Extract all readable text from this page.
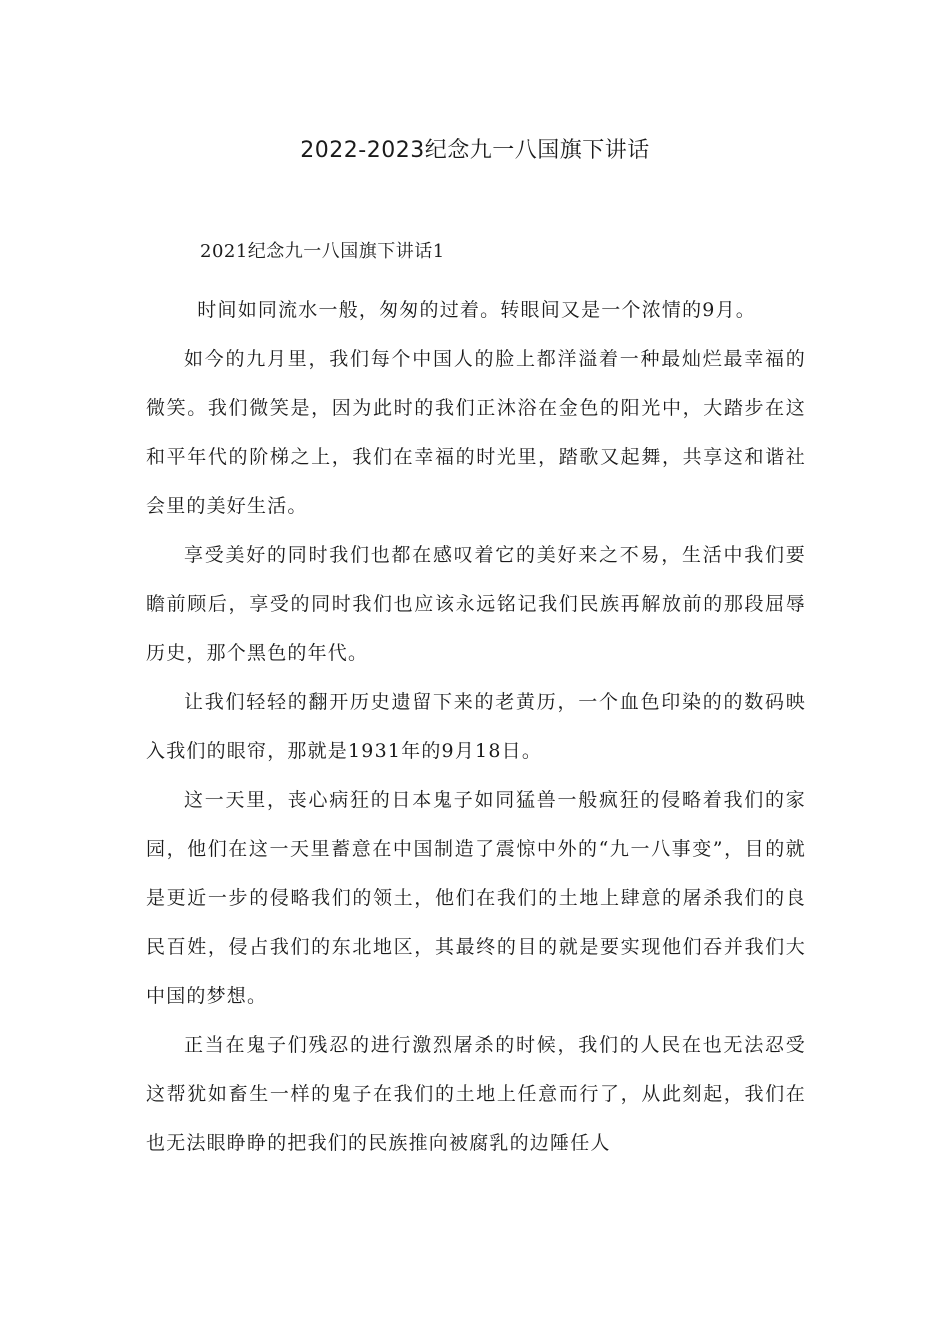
2022-2023纪念九一八国旗下讲话
2021纪念九一八国旗下讲话1

时间如同流水一般，匆匆的过着。转眼间又是一个浓情的9月。

如今的九月里，我们每个中国人的脸上都洋溢着一种最灿烂最幸福的微笑。我们微笑是，因为此时的我们正沐浴在金色的阳光中，大踏步在这和平年代的阶梯之上，我们在幸福的时光里，踏歌又起舞，共享这和谐社会里的美好生活。

享受美好的同时我们也都在感叹着它的美好来之不易，生活中我们要瞻前顾后，享受的同时我们也应该永远铭记我们民族再解放前的那段屈辱历史，那个黑色的年代。

让我们轻轻的翻开历史遗留下来的老黄历，一个血色印染的的数码映入我们的眼帘，那就是1931年的9月18日。

这一天里，丧心病狂的日本鬼子如同猛兽一般疯狂的侵略着我们的家园，他们在这一天里蓄意在中国制造了震惊中外的“九一八事变”，目的就是更近一步的侵略我们的领土，他们在我们的土地上肆意的屠杀我们的良民百姓，侵占我们的东北地区，其最终的目的就是要实现他们吞并我们大中国的梦想。

正当在鬼子们残忍的进行激烈屠杀的时候，我们的人民在也无法忍受这帮犹如畜生一样的鬼子在我们的土地上任意而行了，从此刻起，我们在也无法眼睁睁的把我们的民族推向被腐乳的边陲任人
